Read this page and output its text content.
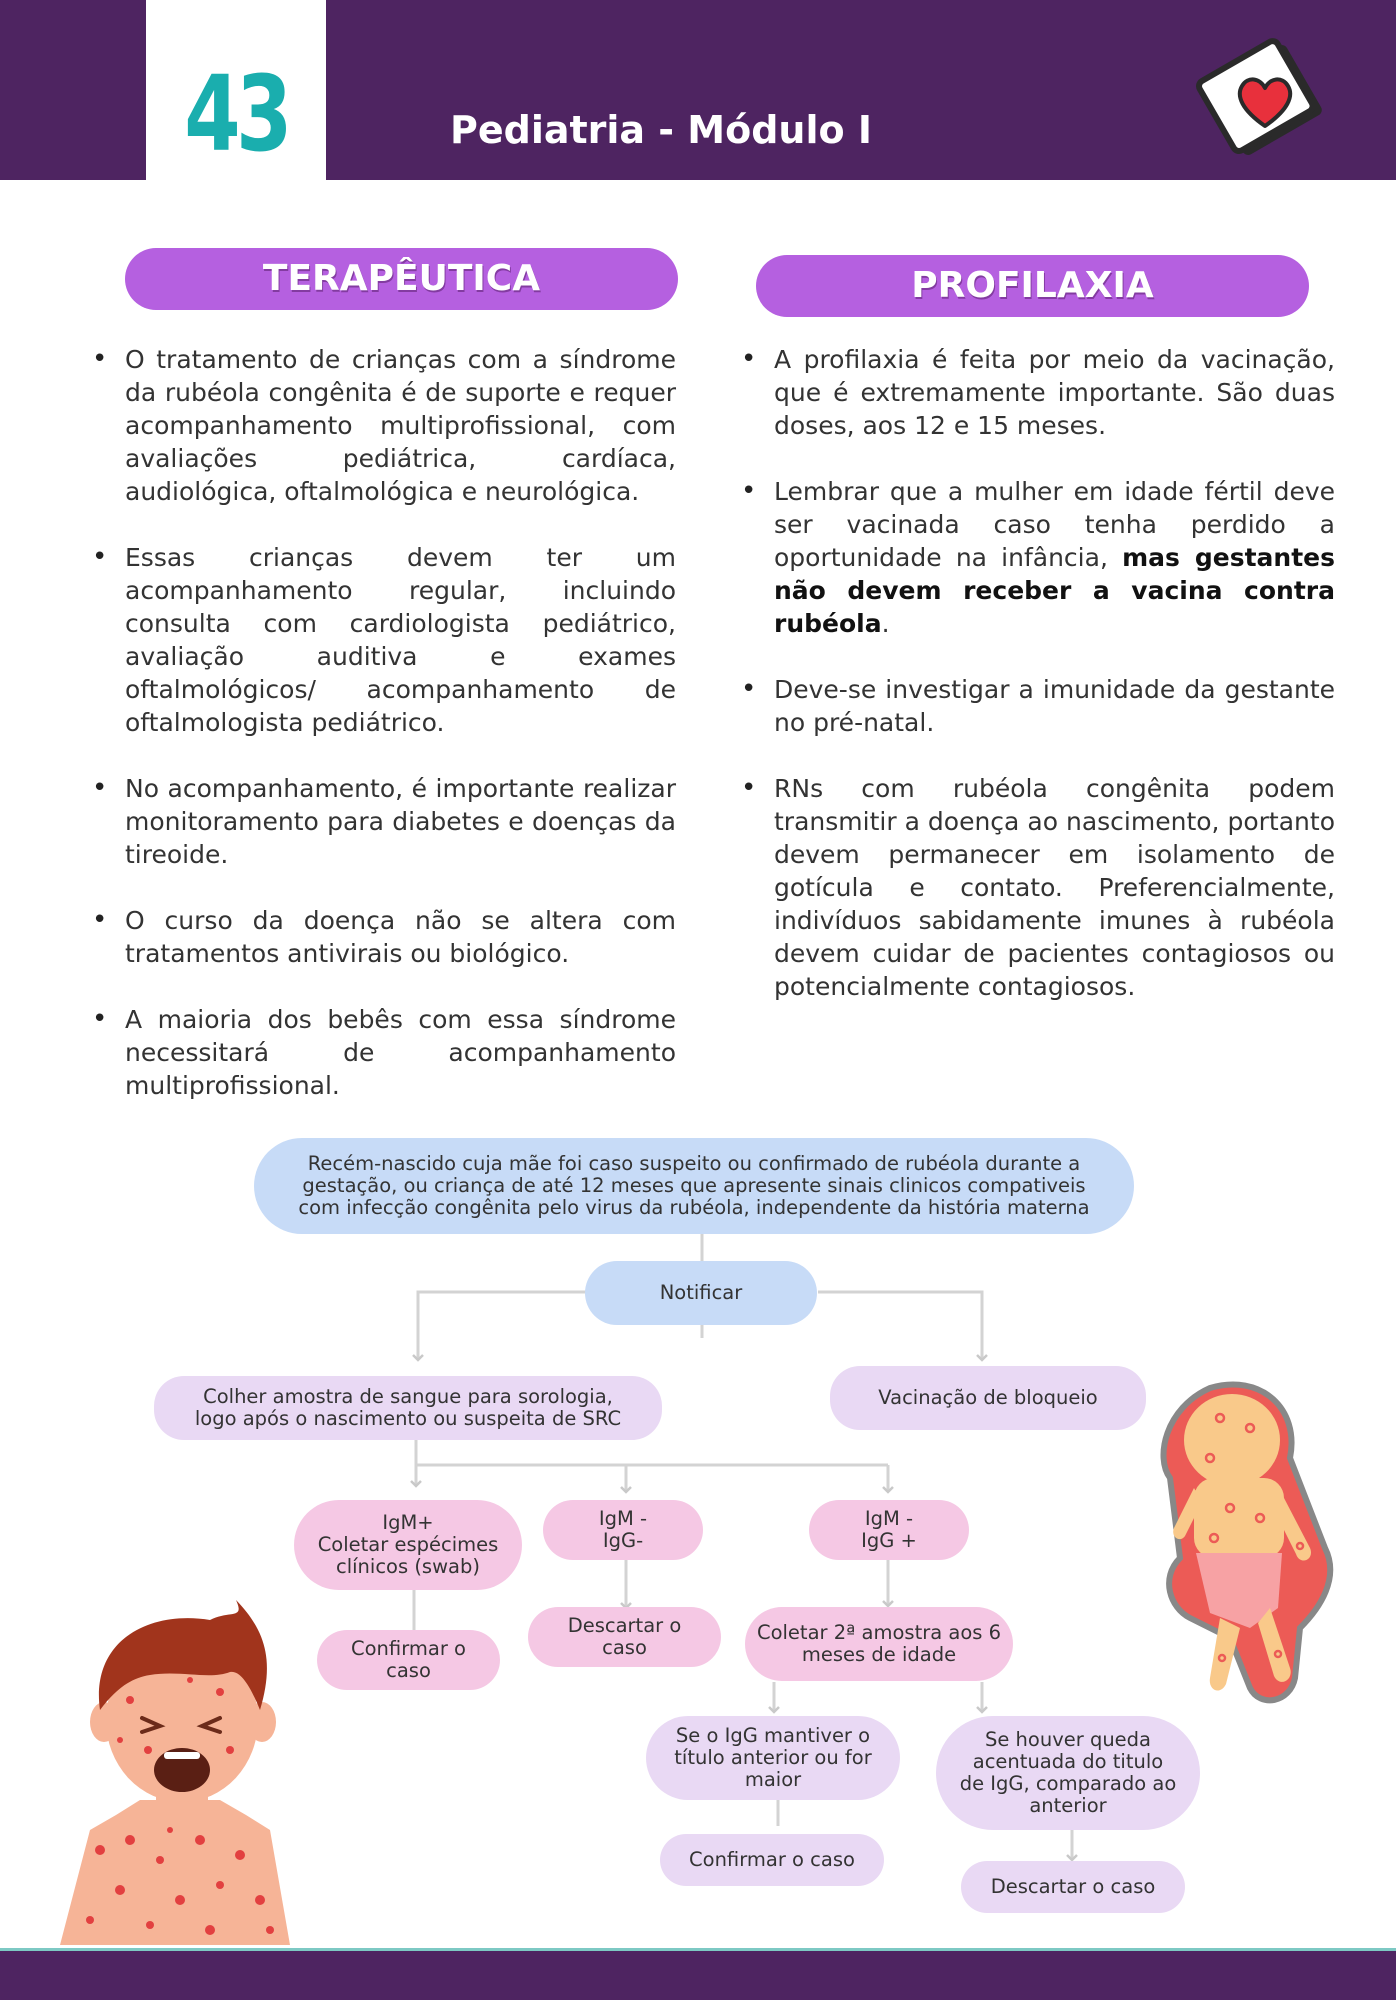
43	Pediatria - Módulo I
TERAPÊUTICA	PROFILAXIA
• O tratamento de crianças com a síndrome da rubéola congênita é de suporte e requer acompanhamento multiprofissional, com avaliações pediátrica, cardíaca, audiológica, oftalmológica e neurológica.
• Essas crianças devem ter um acompanhamento regular, incluindo consulta com cardiologista pediátrico, avaliação auditiva e exames oftalmológicos/ acompanhamento de oftalmologista pediátrico.
• No acompanhamento, é importante realizar monitoramento para diabetes e doenças da tireoide.
• O curso da doença não se altera com tratamentos antivirais ou biológico.
• A maioria dos bebês com essa síndrome necessitará de acompanhamento multiprofissional.
• A profilaxia é feita por meio da vacinação, que é extremamente importante. São duas doses, aos 12 e 15 meses.
• Lembrar que a mulher em idade fértil deve ser vacinada caso tenha perdido a oportunidade na infância, mas gestantes não devem receber a vacina contra rubéola.
• Deve-se investigar a imunidade da gestante no pré-natal.
• RNs com rubéola congênita podem transmitir a doença ao nascimento, portanto devem permanecer em isolamento de gotícula e contato. Preferencialmente, indivíduos sabidamente imunes à rubéola devem cuidar de pacientes contagiosos ou potencialmente contagiosos.
Recém-nascido cuja mãe foi caso suspeito ou confirmado de rubéola durante a
gestação, ou criança de até 12 meses que apresente sinais clinicos compativeis
com infecção congênita pelo virus da rubéola, independente da história materna
Notificar
Colher amostra de sangue para sorologia,
logo após o nascimento ou suspeita de SRC
Vacinação de bloqueio
IgM+
Coletar espécimes
clínicos (swab)
IgM -
IgG-
IgM -
IgG +
Confirmar o
caso
Descartar o
caso
Coletar 2ª amostra aos 6
meses de idade
Se o IgG mantiver o
título anterior ou for
maior
Se houver queda
acentuada do titulo
de IgG, comparado ao
anterior
Confirmar o caso
Descartar o caso
